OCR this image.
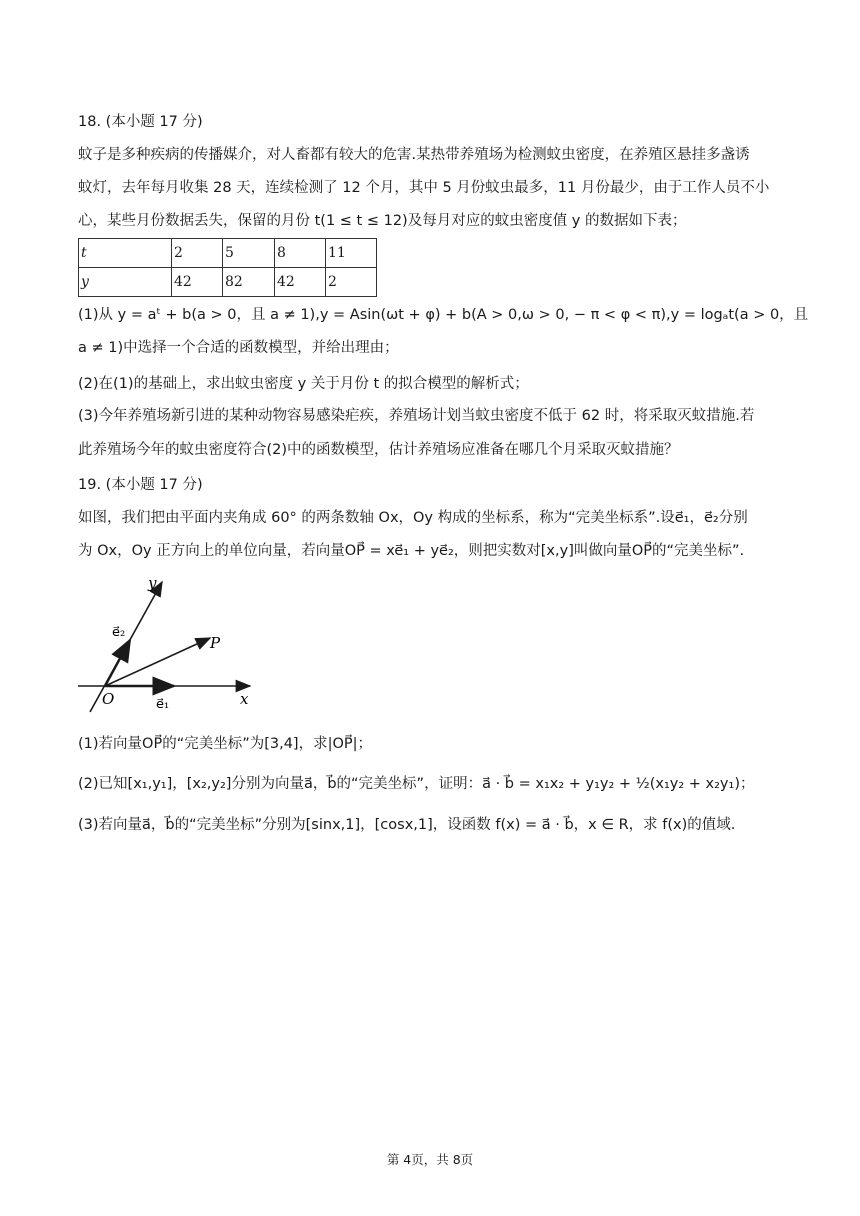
18. (本小题 17 分)
蚊子是多种疾病的传播媒介，对人畜都有较大的危害.某热带养殖场为检测蚊虫密度，在养殖区悬挂多盏诱
蚊灯，去年每月收集 28 天，连续检测了 12 个月，其中 5 月份蚊虫最多，11 月份最少，由于工作人员不小
心，某些月份数据丢失，保留的月份 t(1 ≤ t ≤ 12)及每月对应的蚊虫密度值 y 的数据如下表；
t	2	5	8	11
y	42	82	42	2
(1)从 y = aᵗ + b(a > 0，且 a ≠ 1),y = Asin(ωt + φ) + b(A > 0,ω > 0, − π < φ < π),y = logₐt(a > 0，且
a ≠ 1)中选择一个合适的函数模型，并给出理由；
(2)在(1)的基础上，求出蚊虫密度 y 关于月份 t 的拟合模型的解析式；
(3)今年养殖场新引进的某种动物容易感染疟疾，养殖场计划当蚊虫密度不低于 62 时，将采取灭蚊措施.若
此养殖场今年的蚊虫密度符合(2)中的函数模型，估计养殖场应准备在哪几个月采取灭蚊措施？
19. (本小题 17 分)
如图，我们把由平面内夹角成 60° 的两条数轴 Ox，Oy 构成的坐标系，称为“完美坐标系”.设e⃗₁，e⃗₂分别
为 Ox，Oy 正方向上的单位向量，若向量OP⃗ = xe⃗₁ + ye⃗₂，则把实数对[x,y]叫做向量OP⃗的“完美坐标”.
O	x
y
P
e⃗₁
e⃗₂
(1)若向量OP⃗的“完美坐标”为[3,4]，求|OP⃗|；
(2)已知[x₁,y₁]，[x₂,y₂]分别为向量a⃗，b⃗的“完美坐标”，证明：a⃗ · b⃗ = x₁x₂ + y₁y₂ + ½(x₁y₂ + x₂y₁)；
(3)若向量a⃗，b⃗的“完美坐标”分别为[sinx,1]，[cosx,1]，设函数 f(x) = a⃗ · b⃗，x ∈ R，求 f(x)的值域.
第 4页，共 8页
